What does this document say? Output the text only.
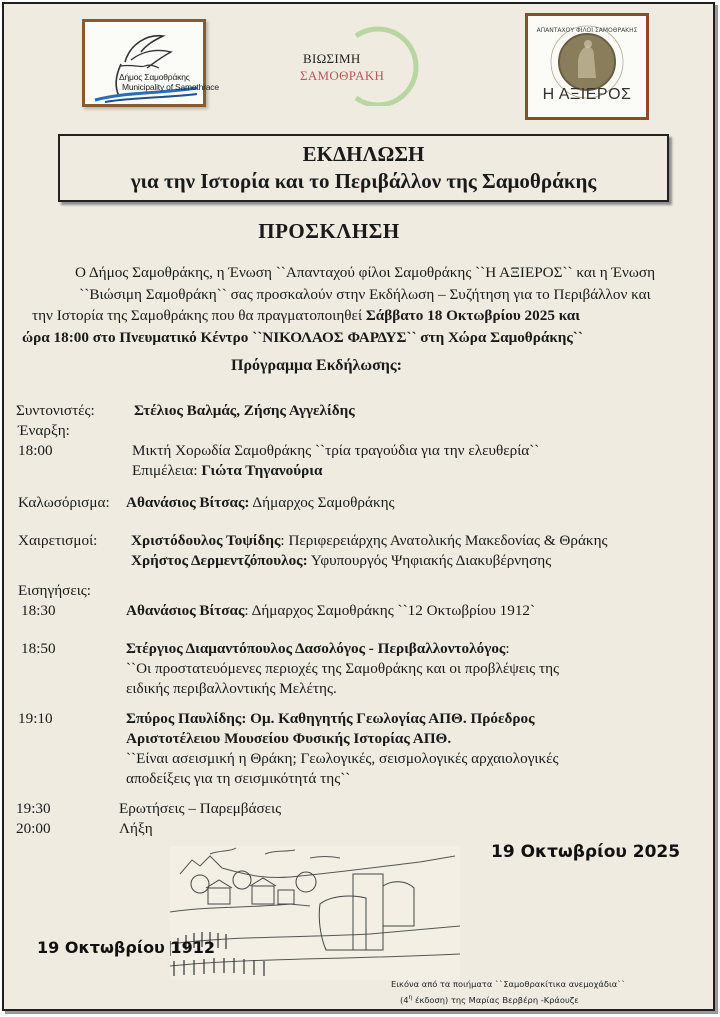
Δήμος Σαμοθράκης
Municipality of Samothrace
ΒΙΩΣΙΜΗ
ΣΑΜΟΘΡΑΚΗ
ΑΠΑΝΤΑΧΟΥ ΦΙΛΟΙ ΣΑΜΟΘΡΑΚΗΣ
Η ΑΞΙΕΡΟΣ
ΕΚΔΗΛΩΣΗ
για την Ιστορία και το Περιβάλλον της Σαμοθράκης
ΠΡΟΣΚΛΗΣΗ
Ο Δήμος Σαμοθράκης, η Ένωση ``Απανταχού φίλοι Σαμοθράκης ``Η ΑΞΙΕΡΟΣ`` και η Ένωση
``Βιώσιμη Σαμοθράκη`` σας προσκαλούν στην Εκδήλωση – Συζήτηση για το Περιβάλλον και
την Ιστορία της Σαμοθράκης που θα πραγματοποιηθεί Σάββατο 18 Οκτωβρίου 2025 και
ώρα 18:00 στο Πνευματικό Κέντρο ``ΝΙΚΟΛΑΟΣ ΦΑΡΔΥΣ`` στη Χώρα Σαμοθράκης``
Πρόγραμμα Εκδήλωσης:
Συντονιστές:	Στέλιος Βαλμάς, Ζήσης Αγγελίδης
Έναρξη:
18:00	Μικτή Χορωδία Σαμοθράκης ``τρία τραγούδια για την ελευθερία``
Επιμέλεια: Γιώτα Τηγανούρια
Καλωσόρισμα: Αθανάσιος Βίτσας: Δήμαρχος Σαμοθράκης
Χαιρετισμοί: Χριστόδουλος Τοψίδης: Περιφερειάρχης Ανατολικής Μακεδονίας & Θράκης
Χρήστος Δερμεντζόπουλος: Υφυπουργός Ψηφιακής Διακυβέρνησης
Εισηγήσεις:
18:30	Αθανάσιος Βίτσας: Δήμαρχος Σαμοθράκης ``12 Οκτωβρίου 1912`
18:50	Στέργιος Διαμαντόπουλος Δασολόγος - Περιβαλλοντολόγος:
``Οι προστατευόμενες περιοχές της Σαμοθράκης και οι προβλέψεις της
ειδικής περιβαλλοντικής Μελέτης.
19:10	Σπύρος Παυλίδης: Ομ. Καθηγητής Γεωλογίας ΑΠΘ. Πρόεδρος
Αριστοτέλειου Μουσείου Φυσικής Ιστορίας ΑΠΘ.
``Είναι ασεισμική η Θράκη; Γεωλογικές, σεισμολογικές αρχαιολογικές
αποδείξεις για τη σεισμικότητά της``
19:30	Ερωτήσεις – Παρεμβάσεις
20:00	Λήξη
19 Οκτωβρίου 2025
19 Οκτωβρίου 1912
Εικόνα από τα ποιήματα ``Σαμοθρακίτικα ανεμοχάδια``
($4^\eta$ έκδοση) της Μαρίας Βερβέρη -Κράουζε
